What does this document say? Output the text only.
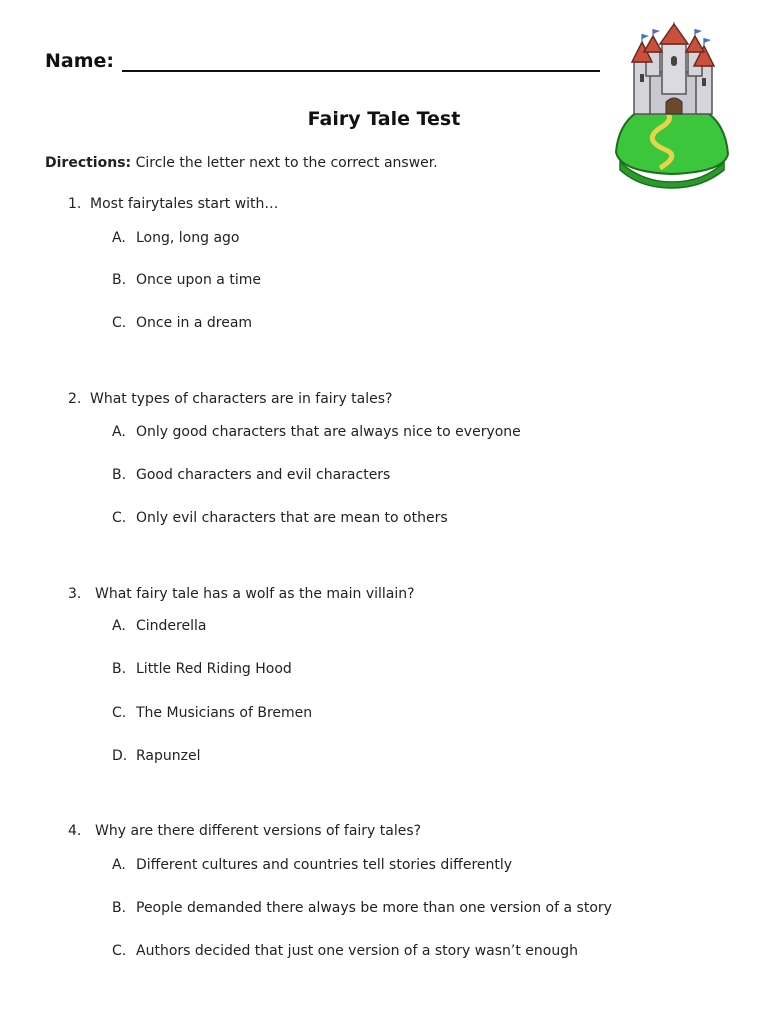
Name:
Fairy Tale Test
Directions: Circle the letter next to the correct answer.
1. Most fairytales start with…
A. Long, long ago
B. Once upon a time
C. Once in a dream
2. What types of characters are in fairy tales?
A. Only good characters that are always nice to everyone
B. Good characters and evil characters
C. Only evil characters that are mean to others
3. What fairy tale has a wolf as the main villain?
A. Cinderella
B. Little Red Riding Hood
C. The Musicians of Bremen
D. Rapunzel
4. Why are there different versions of fairy tales?
A. Different cultures and countries tell stories differently
B. People demanded there always be more than one version of a story
C. Authors decided that just one version of a story wasn’t enough
